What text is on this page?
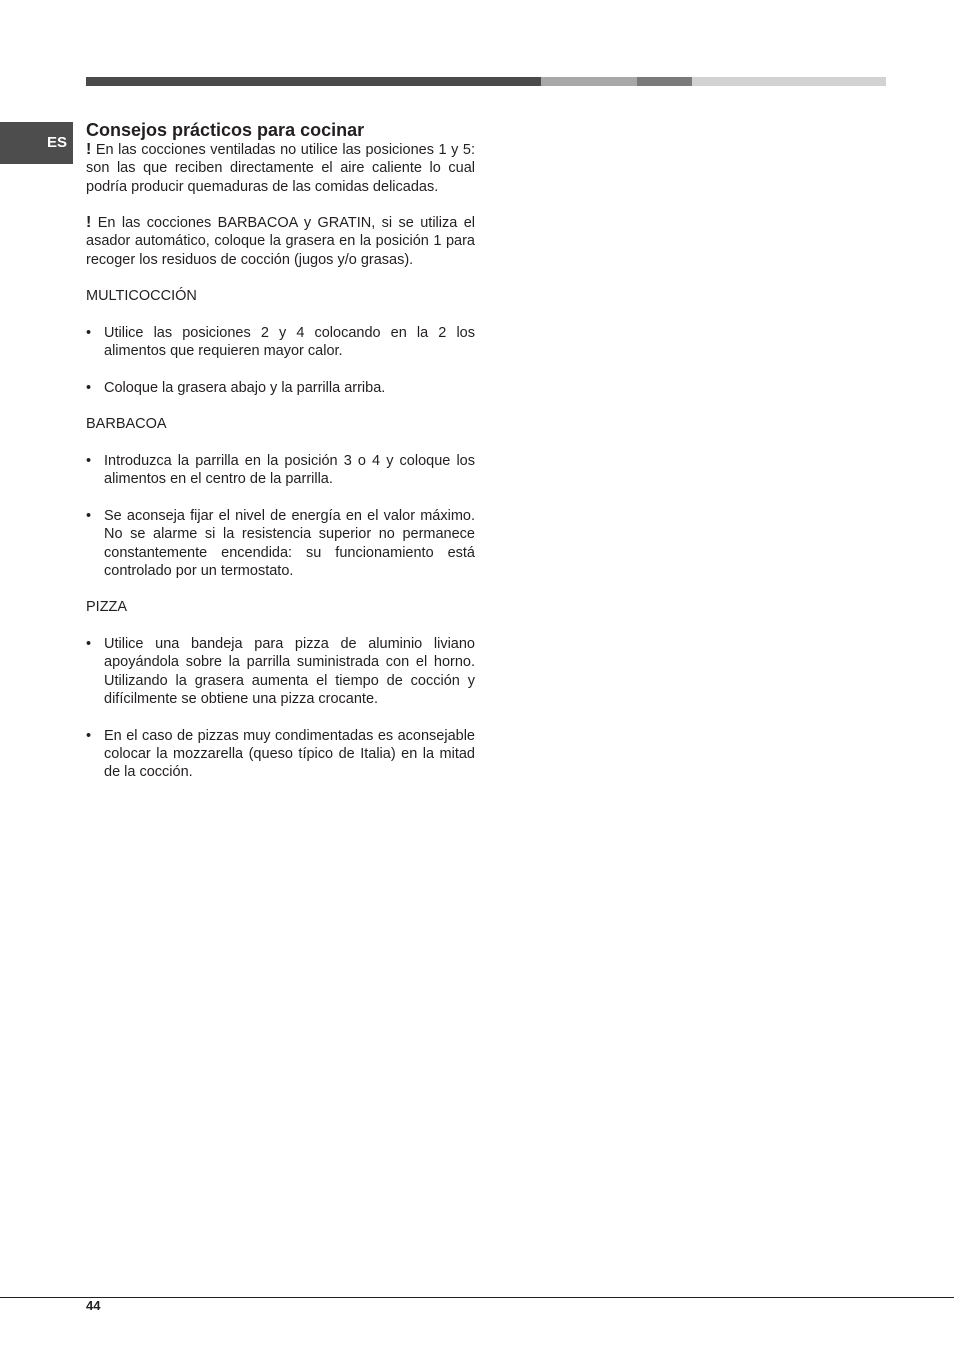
ES
Consejos prácticos para cocinar

! En las cocciones ventiladas no utilice las posiciones 1 y 5: son las que reciben directamente el aire caliente lo cual podría producir quemaduras de las comidas delicadas.

! En las cocciones BARBACOA y GRATIN, si se utiliza el asador automático, coloque la grasera en la posición 1 para recoger los residuos de cocción (jugos y/o grasas).

MULTICOCCIÓN

• Utilice las posiciones 2 y 4 colocando en la 2 los alimentos que requieren mayor calor.

• Coloque la grasera abajo y la parrilla arriba.

BARBACOA

• Introduzca la parrilla en la posición 3 o 4 y coloque los alimentos en el centro de la parrilla.

• Se aconseja fijar el nivel de energía en el valor máximo. No se alarme si la resistencia superior no permanece constantemente encendida: su funcionamiento está controlado por un termostato.

PIZZA

• Utilice una bandeja para pizza de aluminio liviano apoyándola sobre la parrilla suministrada con el horno. Utilizando la grasera aumenta el tiempo de cocción y difícilmente se obtiene una pizza crocante.

• En el caso de pizzas muy condimentadas es aconsejable colocar la mozzarella (queso típico de Italia) en la mitad de la cocción.

44
